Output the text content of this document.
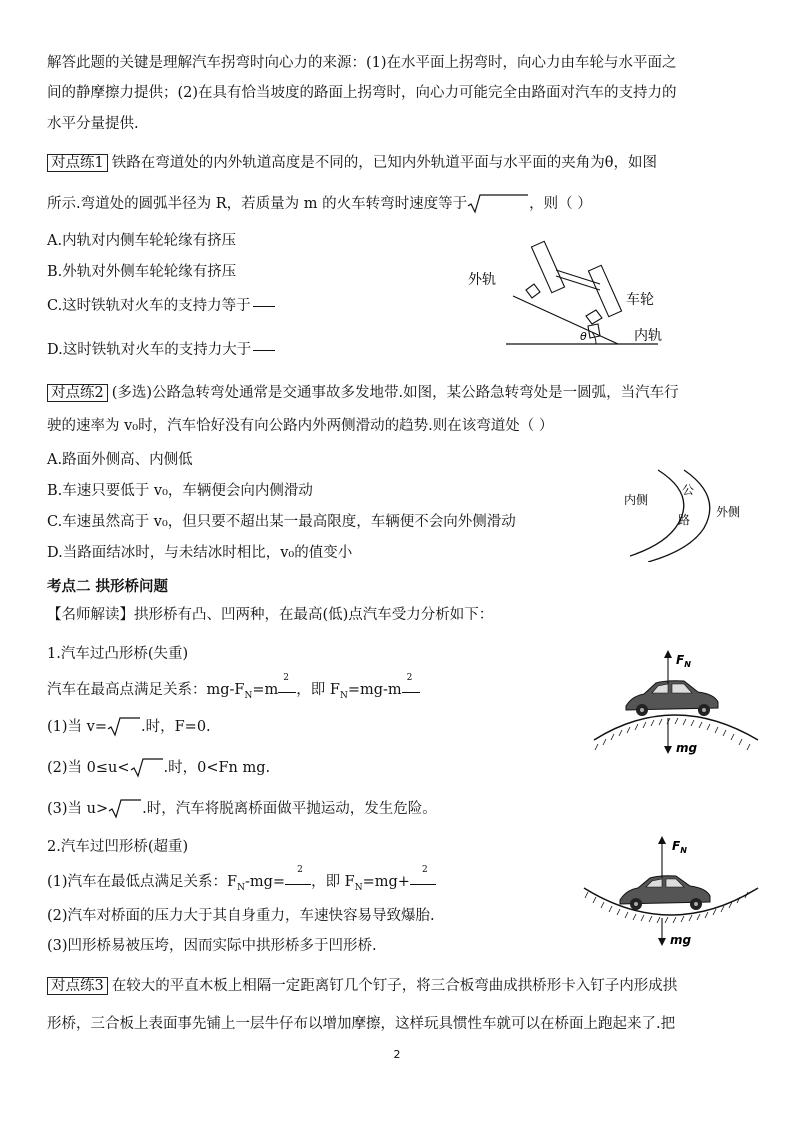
解答此题的关键是理解汽车拐弯时向心力的来源：(1)在水平面上拐弯时，向心力由车轮与水平面之
间的静摩擦力提供；(2)在具有恰当坡度的路面上拐弯时，向心力可能完全由路面对汽车的支持力的
水平分量提供.
对点练1 铁路在弯道处的内外轨道高度是不同的，已知内外轨道平面与水平面的夹角为θ，如图
所示.弯道处的圆弧半径为 R，若质量为 m 的火车转弯时速度等于	，则（ ）
A.内轨对内侧车轮轮缘有挤压
B.外轨对外侧车轮轮缘有挤压
C.这时铁轨对火车的支持力等于
D.这时铁轨对火车的支持力大于
外轨
车轮
内轨
θ
对点练2 (多选)公路急转弯处通常是交通事故多发地带.如图，某公路急转弯处是一圆弧，当汽车行
驶的速率为 v₀时，汽车恰好没有向公路内外两侧滑动的趋势.则在该弯道处（ ）
A.路面外侧高、内侧低
B.车速只要低于 v₀，车辆便会向内侧滑动
C.车速虽然高于 v₀，但只要不超出某一最高限度，车辆便不会向外侧滑动
D.当路面结冰时，与未结冰时相比，v₀的值变小
内侧
公
路
外侧
考点二 拱形桥问题
【名师解读】拱形桥有凸、凹两种，在最高(低)点汽车受力分析如下：
1.汽车过凸形桥(失重)
汽车在最高点满足关系：$mg-F_N=m$
2
，即 $F_N=mg-m$
2
(1)当 v= .时，F=0.
(2)当 0≤u< .时，0<Fn mg.
(3)当 u> .时，汽车将脱离桥面做平抛运动，发生危险。
2.汽车过凹形桥(超重)
(1)汽车在最低点满足关系：$F_N-mg=$
2
，即 $F_N=mg+$
2
(2)汽车对桥面的压力大于其自身重力，车速快容易导致爆胎.
(3)凹形桥易被压垮，因而实际中拱形桥多于凹形桥.
$F_N$
mg
$F_N$
mg
对点练3 在较大的平直木板上相隔一定距离钉几个钉子，将三合板弯曲成拱桥形卡入钉子内形成拱
形桥，三合板上表面事先铺上一层牛仔布以增加摩擦，这样玩具惯性车就可以在桥面上跑起来了.把
2
